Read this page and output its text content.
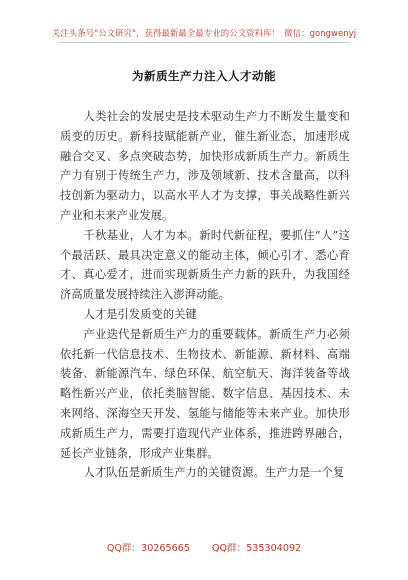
关注头条号"公文研究"，获得最新最全最专业的公文资料库！ 微信：gongwenyj
为新质生产力注入人才动能

人类社会的发展史是技术驱动生产力不断发生量变和质变的历史。新科技赋能新产业，催生新业态，加速形成融合交叉、多点突破态势，加快形成新质生产力。新质生产力有别于传统生产力，涉及领域新、技术含量高，以科技创新为驱动力，以高水平人才为支撑，事关战略性新兴产业和未来产业发展。

千秋基业，人才为本。新时代新征程，要抓住“人”这个最活跃、最具决定意义的能动主体，倾心引才、悉心育才、真心爱才，进而实现新质生产力新的跃升，为我国经济高质量发展持续注入澎湃动能。

人才是引发质变的关键

产业迭代是新质生产力的重要载体。新质生产力必须依托新一代信息技术、生物技术、新能源、新材料、高端装备、新能源汽车、绿色环保、航空航天、海洋装备等战略性新兴产业，依托类脑智能、数字信息、基因技术、未来网络、深海空天开发、氢能与储能等未来产业。加快形成新质生产力，需要打造现代产业体系，推进跨界融合，延长产业链条，形成产业集群。

人才队伍是新质生产力的关键资源。生产力是一个复

QQ群：30265665 QQ群：535304092
